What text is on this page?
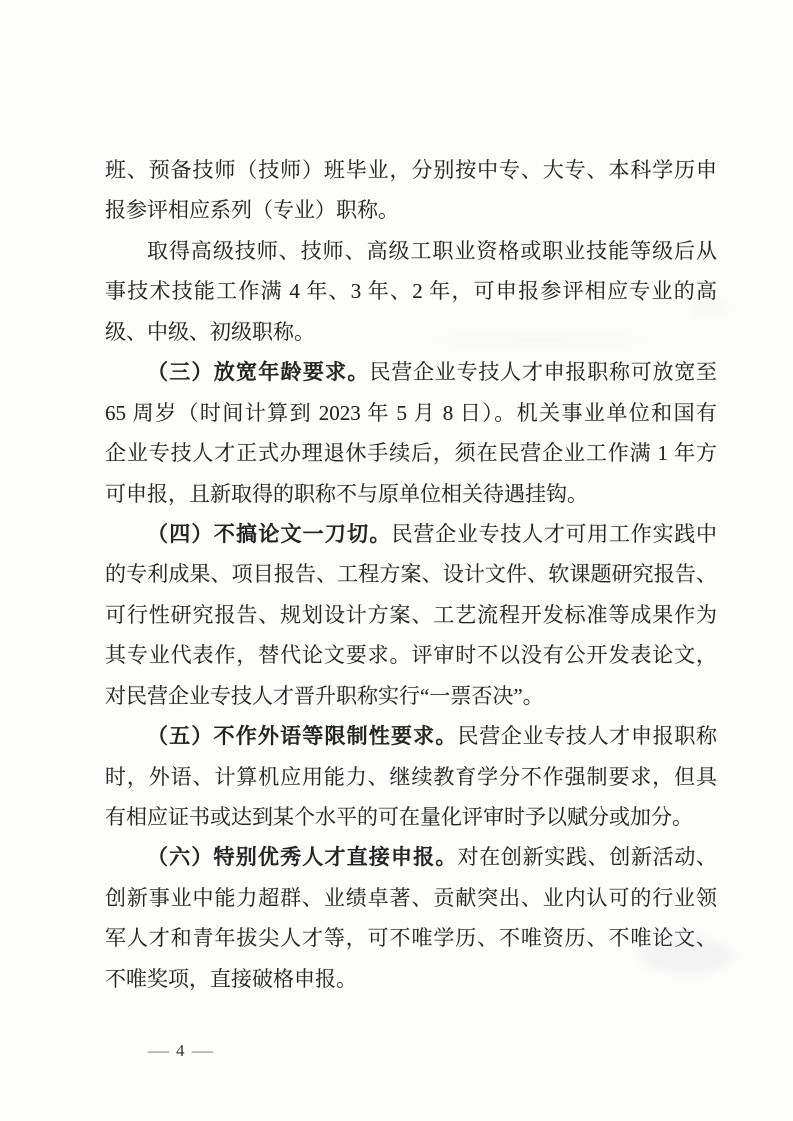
班、预备技师（技师）班毕业，分别按中专、大专、本科学历申
报参评相应系列（专业）职称。
取得高级技师、技师、高级工职业资格或职业技能等级后从
事技术技能工作满 4 年、3 年、2 年，可申报参评相应专业的高
级、中级、初级职称。
（三）放宽年龄要求。民营企业专技人才申报职称可放宽至
65 周岁（时间计算到 2023 年 5 月 8 日）。机关事业单位和国有
企业专技人才正式办理退休手续后，须在民营企业工作满 1 年方
可申报，且新取得的职称不与原单位相关待遇挂钩。
（四）不搞论文一刀切。民营企业专技人才可用工作实践中
的专利成果、项目报告、工程方案、设计文件、软课题研究报告、
可行性研究报告、规划设计方案、工艺流程开发标准等成果作为
其专业代表作，替代论文要求。评审时不以没有公开发表论文，
对民营企业专技人才晋升职称实行“一票否决”。
（五）不作外语等限制性要求。民营企业专技人才申报职称
时，外语、计算机应用能力、继续教育学分不作强制要求，但具
有相应证书或达到某个水平的可在量化评审时予以赋分或加分。
（六）特别优秀人才直接申报。对在创新实践、创新活动、
创新事业中能力超群、业绩卓著、贡献突出、业内认可的行业领
军人才和青年拔尖人才等，可不唯学历、不唯资历、不唯论文、
不唯奖项，直接破格申报。
— 4 —
